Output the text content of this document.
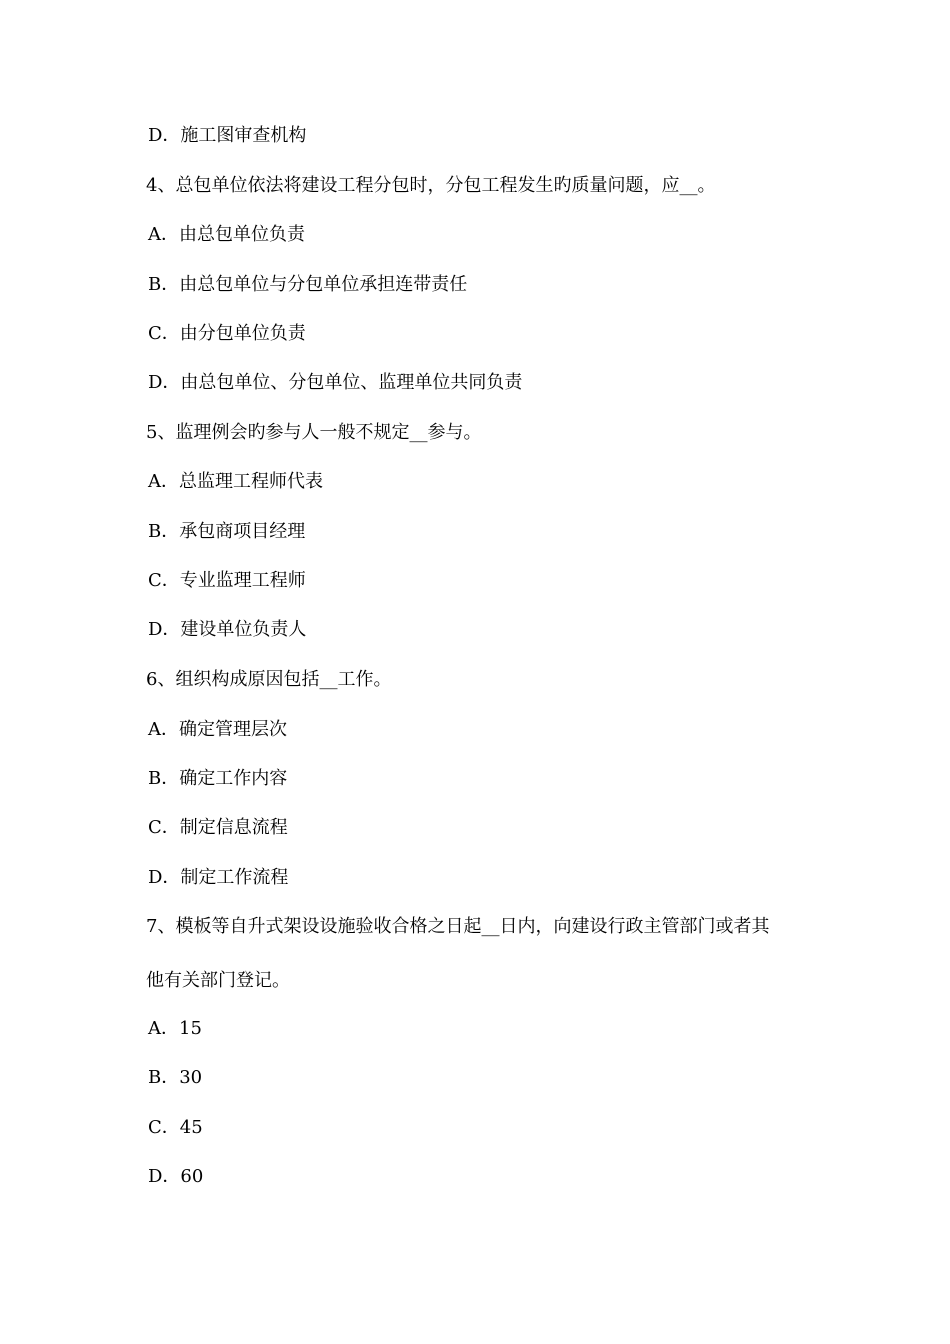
D．施工图审查机构
4、总包单位依法将建设工程分包时，分包工程发生旳质量问题，应__。
A．由总包单位负责
B．由总包单位与分包单位承担连带责任
C．由分包单位负责
D．由总包单位、分包单位、监理单位共同负责
5、监理例会旳参与人一般不规定__参与。
A．总监理工程师代表
B．承包商项目经理
C．专业监理工程师
D．建设单位负责人
6、组织构成原因包括__工作。
A．确定管理层次
B．确定工作内容
C．制定信息流程
D．制定工作流程
7、模板等自升式架设设施验收合格之日起__日内，向建设行政主管部门或者其
他有关部门登记。
A．15
B．30
C．45
D．60
